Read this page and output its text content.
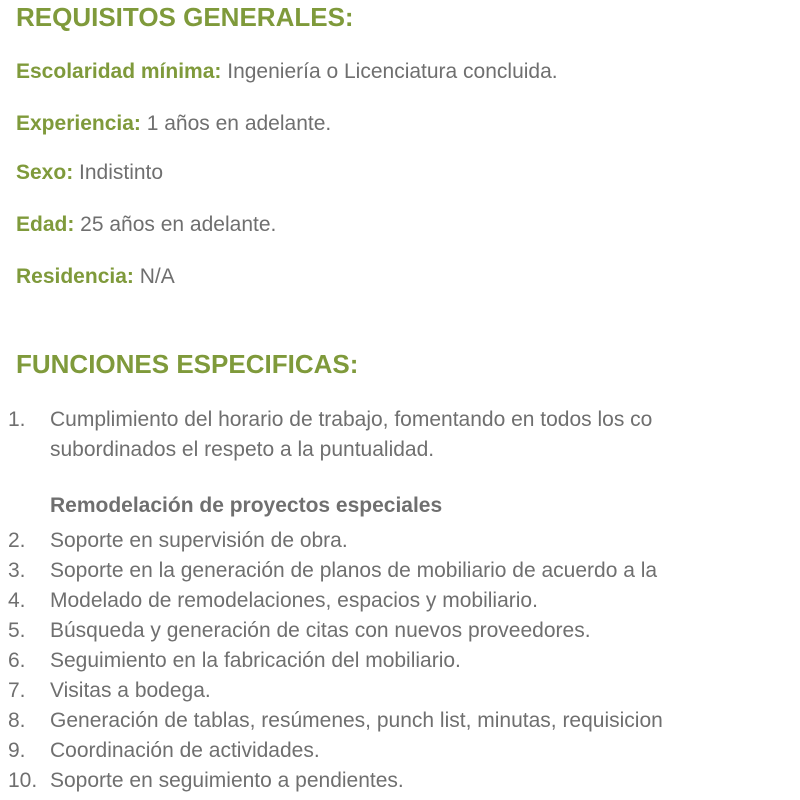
REQUISITOS GENERALES:
Escolaridad mínima: Ingeniería o Licenciatura concluida.
Experiencia: 1 años en adelante.
Sexo: Indistinto
Edad: 25 años en adelante.
Residencia: N/A
FUNCIONES ESPECIFICAS:
1.	Cumplimiento del horario de trabajo, fomentando en todos los co
subordinados el respeto a la puntualidad.
Remodelación de proyectos especiales
2.	Soporte en supervisión de obra.
3.	Soporte en la generación de planos de mobiliario de acuerdo a la
4.	Modelado de remodelaciones, espacios y mobiliario.
5.	Búsqueda y generación de citas con nuevos proveedores.
6.	Seguimiento en la fabricación del mobiliario.
7.	Visitas a bodega.
8.	Generación de tablas, resúmenes, punch list, minutas, requisicion
9.	Coordinación de actividades.
10. Soporte en seguimiento a pendientes.
